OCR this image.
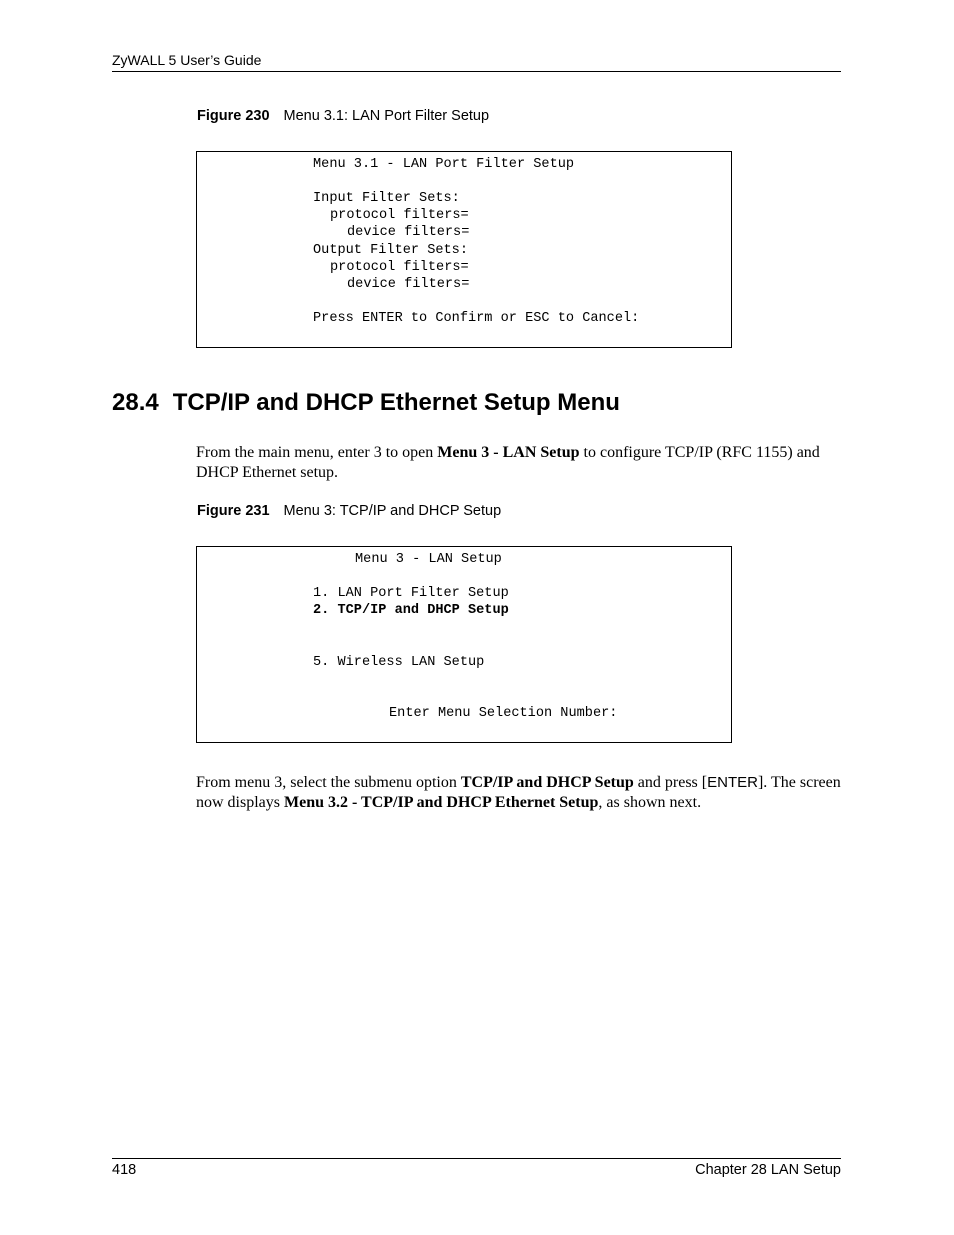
ZyWALL 5 User’s Guide
Figure 230 Menu 3.1: LAN Port Filter Setup
Menu 3.1 - LAN Port Filter Setup
Input Filter Sets:
protocol filters=
device filters=
Output Filter Sets:
protocol filters=
device filters=
Press ENTER to Confirm or ESC to Cancel:
28.4 TCP/IP and DHCP Ethernet Setup Menu
From the main menu, enter 3 to open Menu 3 - LAN Setup to configure TCP/IP (RFC 1155) and DHCP Ethernet setup.
Figure 231 Menu 3: TCP/IP and DHCP Setup
Menu 3 - LAN Setup
1. LAN Port Filter Setup
2. TCP/IP and DHCP Setup
5. Wireless LAN Setup
Enter Menu Selection Number:
From menu 3, select the submenu option TCP/IP and DHCP Setup and press [ENTER]. The screen now displays Menu 3.2 - TCP/IP and DHCP Ethernet Setup, as shown next.
418	Chapter 28 LAN Setup
